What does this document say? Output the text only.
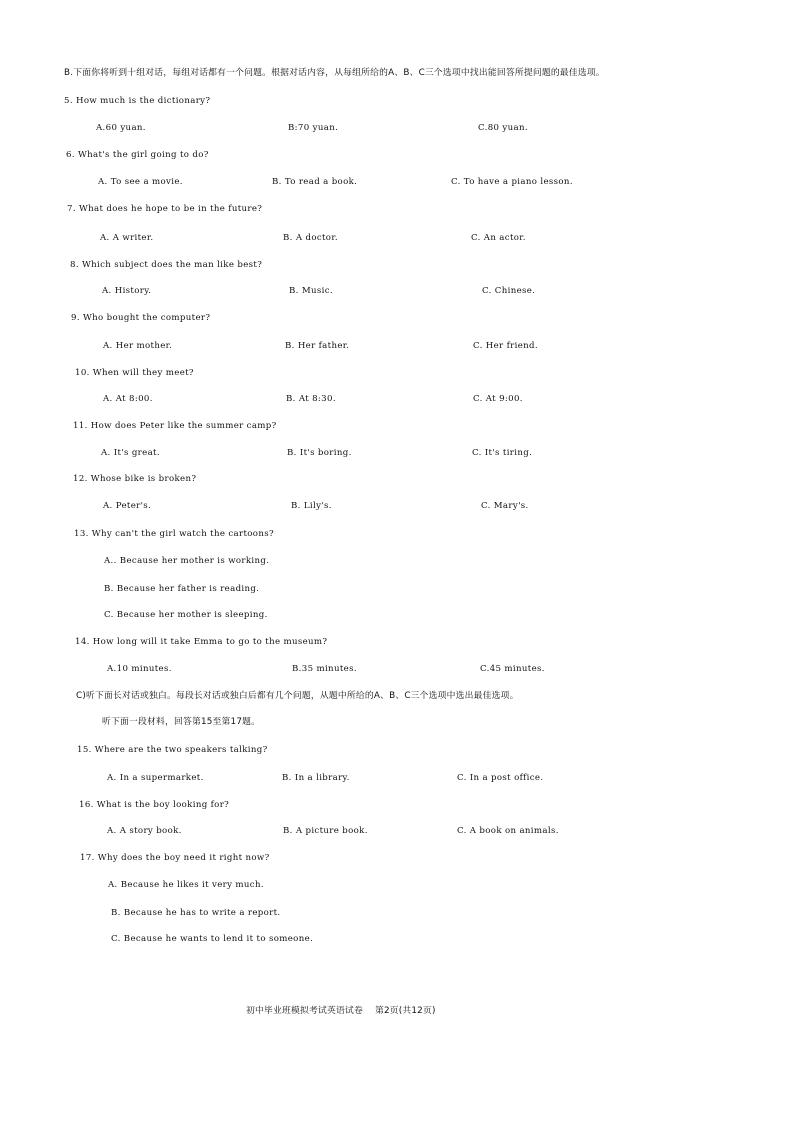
B.下面你将听到十组对话，每组对话都有一个问题。根据对话内容，从每组所给的A、B、C三个选项中找出能回答所提问题的最佳选项。
5. How much is the dictionary?
A.60 yuan.	B:70 yuan.	C.80 yuan.
6. What's the girl going to do?
A. To see a movie.	B. To read a book.	C. To have a piano lesson.
7. What does he hope to be in the future?
A. A writer.	B. A doctor.	C. An actor.
8. Which subject does the man like best?
A. History.	B. Music.	C. Chinese.
9. Who bought the computer?
A. Her mother.	B. Her father.	C. Her friend.
10. When will they meet?
A. At 8:00.	B. At 8:30.	C. At 9:00.
11. How does Peter like the summer camp?
A. It's great.	B. It's boring.	C. It's tiring.
12. Whose bike is broken?
A. Peter's.	B. Lily's.	C. Mary's.
13. Why can't the girl watch the cartoons?
A.. Because her mother is working.
B. Because her father is reading.
C. Because her mother is sleeping.
14. How long will it take Emma to go to the museum?
A.10 minutes.	B.35 minutes.	C.45 minutes.
C)听下面长对话或独白。每段长对话或独白后都有几个问题，从题中所给的A、B、C三个选项中选出最佳选项。
听下面一段材料，回答第15至第17题。
15. Where are the two speakers talking?
A. In a supermarket.	B. In a library.	C. In a post office.
16. What is the boy looking for?
A. A story book.	B. A picture book.	C. A book on animals.
17. Why does the boy need it right now?
A. Because he likes it very much.
B. Because he has to write a report.
C. Because he wants to lend it to someone.
初中毕业班模拟考试英语试卷    第2页(共12页)
